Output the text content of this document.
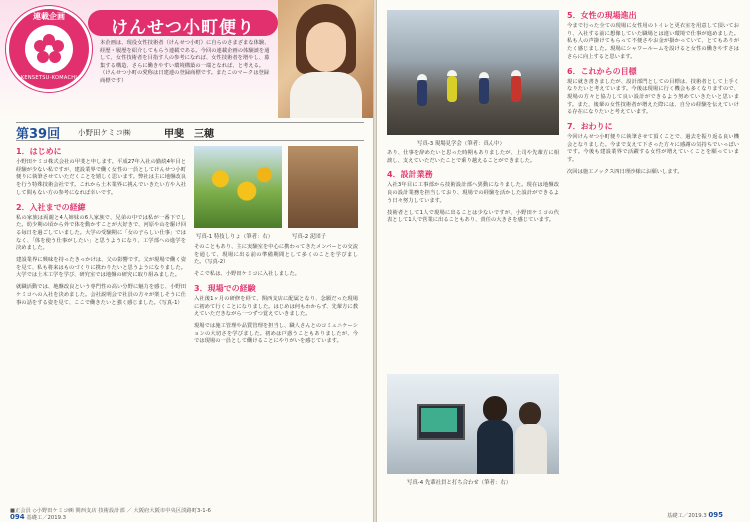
連載企画
KENSETSU-KOMACHI
けんせつ小町便り
本企画は、現役女性技術者（けんせつ小町）に自らのさまざまな体験、経歴・履歴を紹介してもらう連載である。今回の連載企画の体験談を通して、女性技術者を目指す人の参考になれば、女性技術者を増やし、募集する構造、さらに働きやすい環境構築の一端となれば、と考える。
（けんせつ小町の愛称は日建連の登録商標です。またこのマークは登録商標です）
第39回 小野田ケミコ㈱	甲斐　三穂
1．はじめに
小野田ケミコ株式会社の甲斐と申します。平成27年入社の勤続4年目と経験が少ない私ですが、建設業界で働く女性の一員としてけんせつ小町便りに執筆させていただくことを嬉しく思います。弊社は主に地盤改良を行う特殊技術会社です。これから土木業界に挑んでいきたい方や入社して間もない方の参考になれば幸いです。
2．入社までの経緯
私の家族は両親と4人姉妹の6人家族で、兄弟の中では私が一番下でした。幼少期の頃から外で体を動かすことが大好きで、河原や山を駆け回る毎日を過ごしていました。大学の受験期に「女の子らしい仕事」ではなく、「体を使う仕事がしたい」と思うようになり、工学部への進学を決めました。
建設業界に興味を持ったきっかけは、父の影響です。父が現場で働く姿を見て、私も将来はものづくりに携わりたいと思うようになりました。大学では土木工学を学び、研究室では地盤の研究に取り組みました。
就職活動では、地盤改良という専門性の高い分野に魅力を感じ、小野田ケミコへの入社を決めました。会社説明会で社員の方々が楽しそうに仕事の話をする姿を見て、ここで働きたいと強く感じました。（写真-1）
写真-1 特技しりょ（筆者：右）	写真-2 泥団子
そのこともあり、主に実験室を中心に携わってきたメンバーとの交流を通して、現場に出る前の準備期間として多くのことを学びました。（写真-2）
そこで私は、小野田ケミコに入社しました。
3．現場での経験
入社後1ヶ月の研修を経て、関西支店に配属となり、念願だった現場に初めて行くことになりました。はじめは何もわからず、先輩方に教えていただきながら一つずつ覚えていきました。
現場では施工管理や品質管理を担当し、職人さんとのコミュニケーションの大切さを学びました。初めは戸惑うこともありましたが、今では現場の一員として働けることにやりがいを感じています。
■正会員 ◇小野田ケミコ㈱ 関西支店 技術設計部 ／ 大阪府大阪市中央区淡路町3-1-6
094 基礎工／2019.3
写真-3 現場見学会（筆者：真ん中）
あり、仕事を辞めたいと思った時期もありましたが、上司や先輩方に相談し、支えていただいたことで乗り越えることができました。
4．設計業務
入社3年目に工事部から技術設計部へ異動になりました。現在は地盤改良の設計業務を担当しており、現場での経験を活かした設計ができるよう日々努力しています。
技術者として1人で現場に出ることは少ないですが、小野田ケミコの代表として1人で営業に出ることもあり、責任の大きさを感じています。
写真-4 先輩社員と打ち合わせ（筆者：右）
5．女性の現場進出
今まで行った全ての現場に女性用のトイレと更衣室を用意して頂いており、入社する前に想像していた職場とは違い環境で仕事が進めました。私も人の声掛けてもらって不便さやお金が掛かっていて、とてもありがたく感じました。現場にシャワールームを設けると女性の働きやすさはさらに向上すると思います。
6．これからの目標
現に就き書きましたが、設計部門としての目標は、技術者として上手くなりたいと考えています。今後は現場に行く機会も多くなりますので、現場の方々と協力して良い設計ができるよう努めていきたいと思います。また、後輩の女性技術者が増えた際には、自分の経験を伝えていける存在になりたいと考えています。
7．おわりに
今回けんせつ小町便りに執筆させて頂くことで、過去を振り返る良い機会となりました。今まで支えて下さった方々に感謝の気持ちでいっぱいです。今後も建設業界で活躍する女性が増えていくことを願っています。
次回は施工ノックス四日理沙様にお願いします。
基礎工／2019.3 095
